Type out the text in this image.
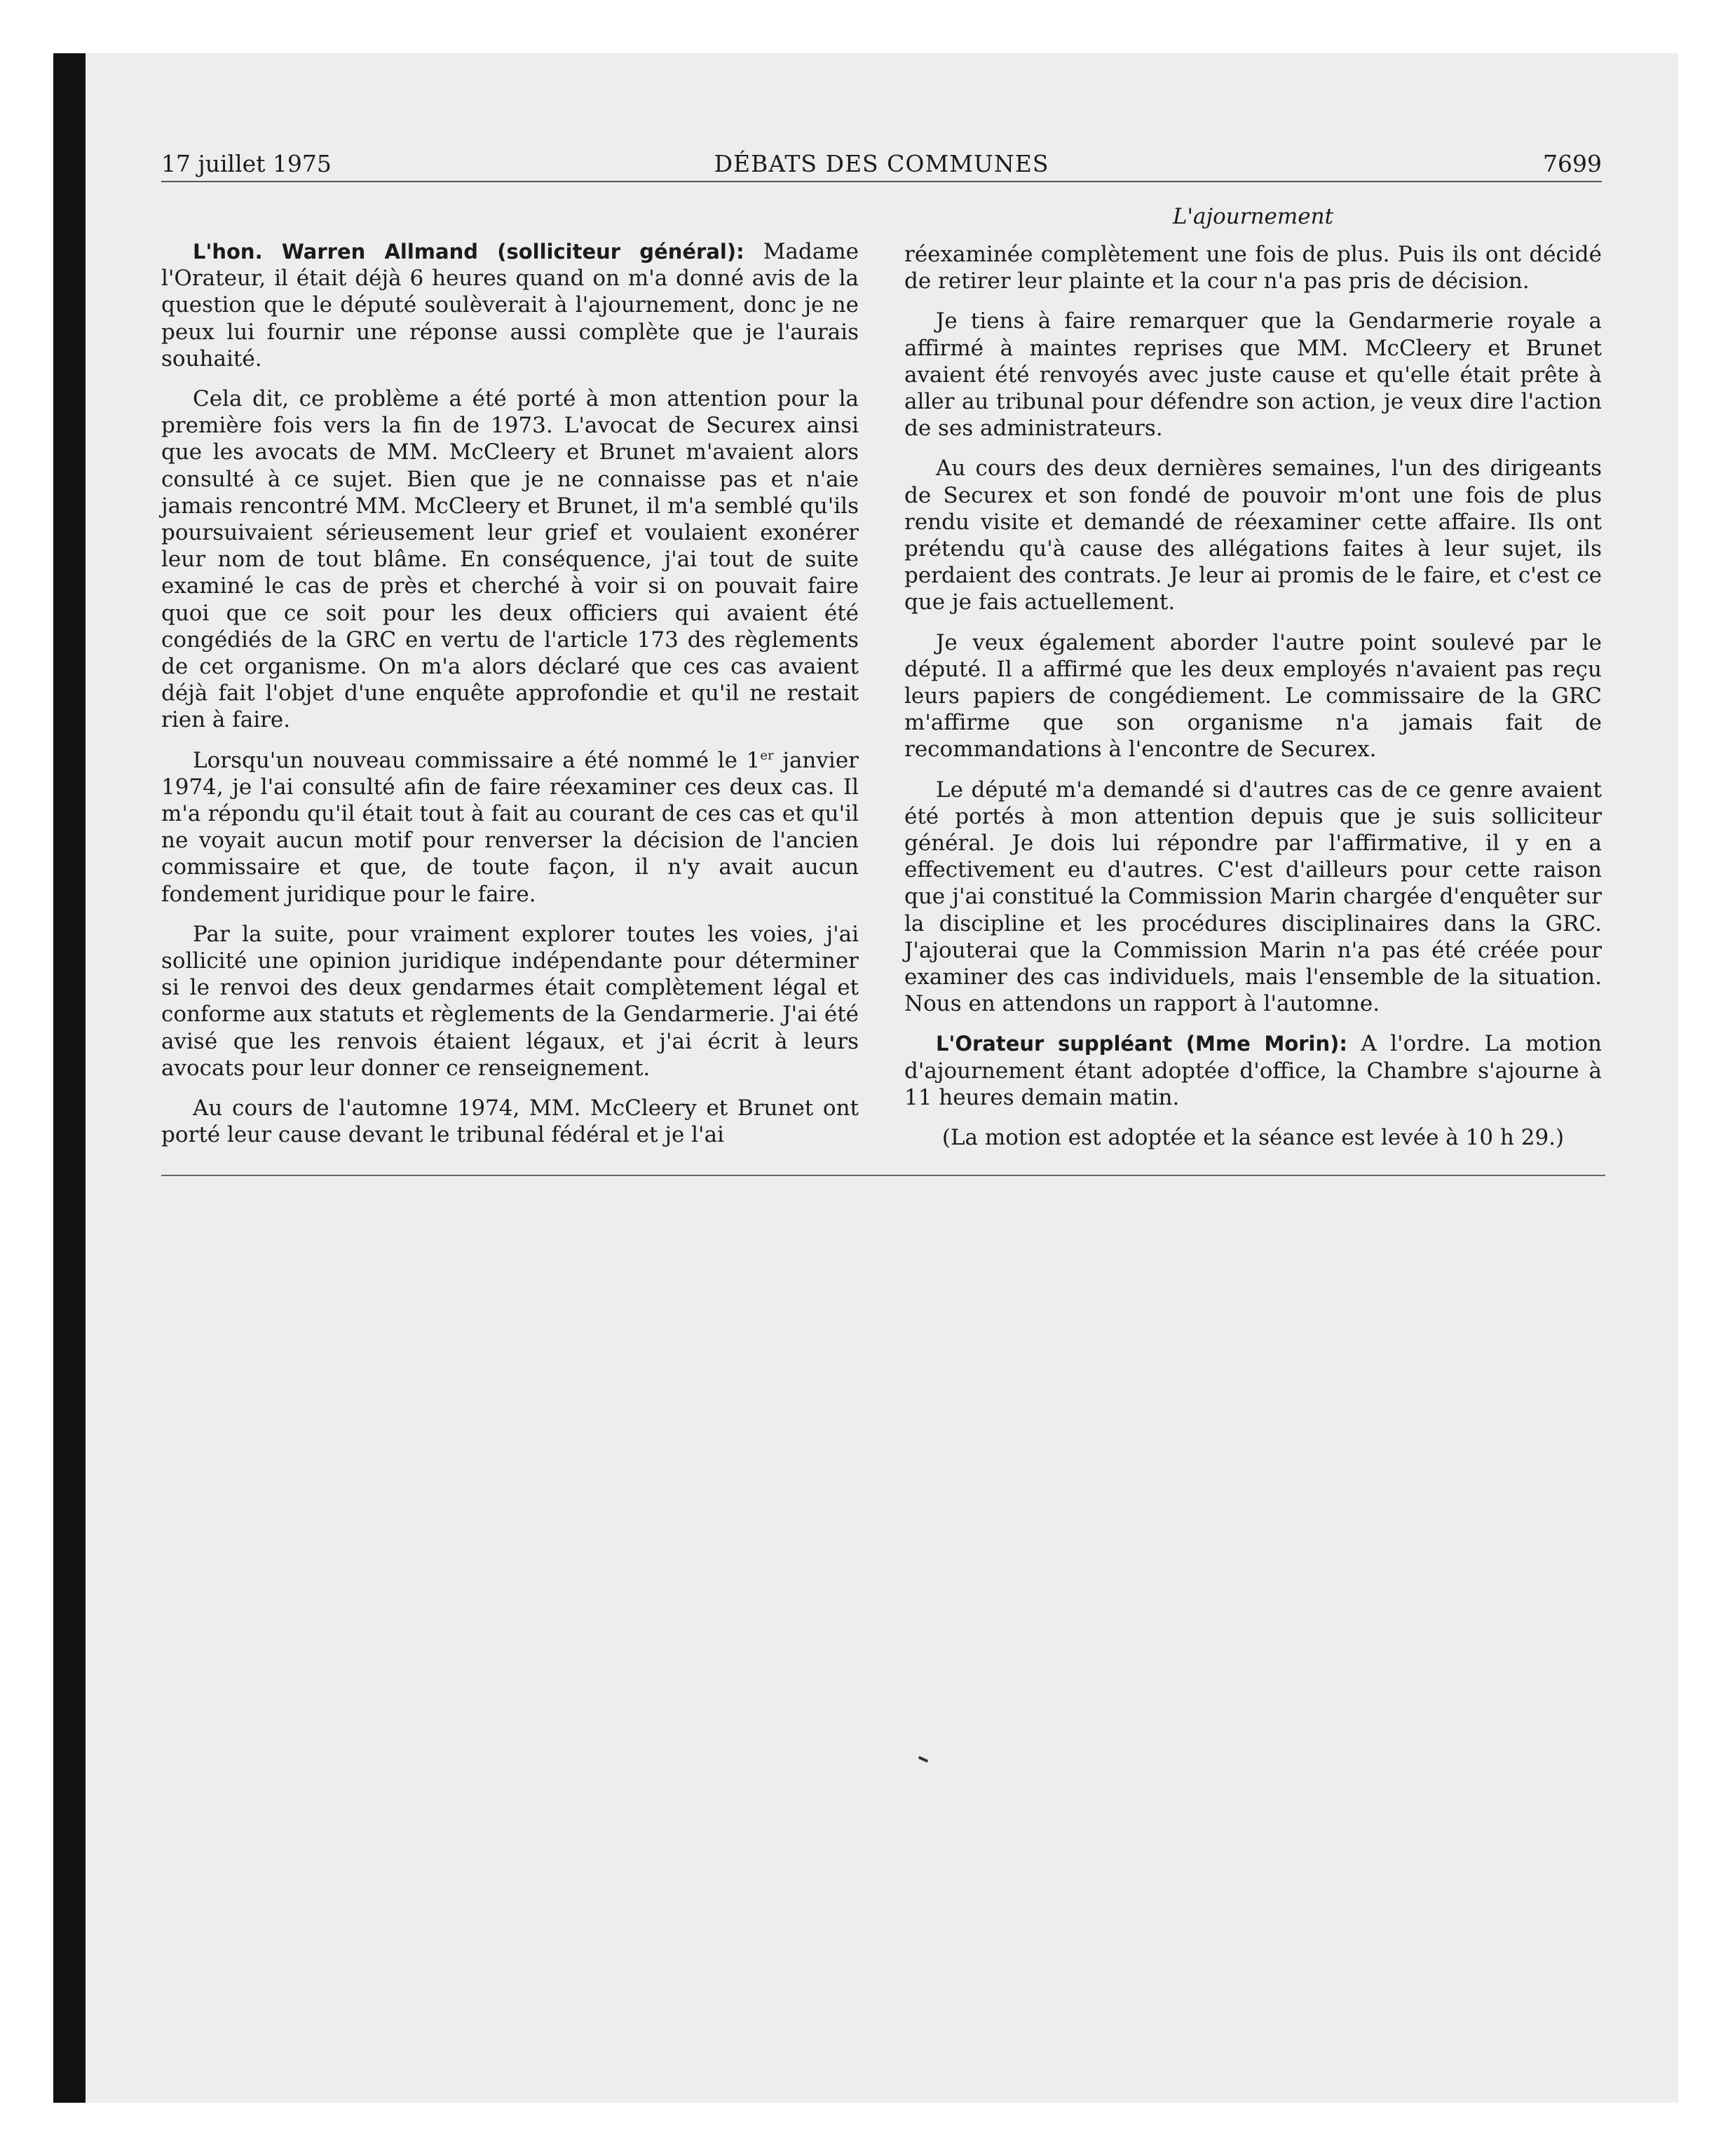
17 juillet 1975	DÉBATS DES COMMUNES	7699
L'ajournement

L'hon. Warren Allmand (solliciteur général): Madame l'Orateur, il était déjà 6 heures quand on m'a donné avis de la question que le député soulèverait à l'ajournement, donc je ne peux lui fournir une réponse aussi complète que je l'aurais souhaité.

Cela dit, ce problème a été porté à mon attention pour la première fois vers la fin de 1973. L'avocat de Securex ainsi que les avocats de MM. McCleery et Brunet m'avaient alors consulté à ce sujet. Bien que je ne connaisse pas et n'aie jamais rencontré MM. McCleery et Brunet, il m'a semblé qu'ils poursuivaient sérieusement leur grief et voulaient exonérer leur nom de tout blâme. En conséquence, j'ai tout de suite examiné le cas de près et cherché à voir si on pouvait faire quoi que ce soit pour les deux officiers qui avaient été congédiés de la GRC en vertu de l'article 173 des règlements de cet organisme. On m'a alors déclaré que ces cas avaient déjà fait l'objet d'une enquête approfondie et qu'il ne restait rien à faire.

Lorsqu'un nouveau commissaire a été nommé le 1er janvier 1974, je l'ai consulté afin de faire réexaminer ces deux cas. Il m'a répondu qu'il était tout à fait au courant de ces cas et qu'il ne voyait aucun motif pour renverser la décision de l'ancien commissaire et que, de toute façon, il n'y avait aucun fondement juridique pour le faire.

Par la suite, pour vraiment explorer toutes les voies, j'ai sollicité une opinion juridique indépendante pour déterminer si le renvoi des deux gendarmes était complètement légal et conforme aux statuts et règlements de la Gendarmerie. J'ai été avisé que les renvois étaient légaux, et j'ai écrit à leurs avocats pour leur donner ce renseignement.

Au cours de l'automne 1974, MM. McCleery et Brunet ont porté leur cause devant le tribunal fédéral et je l'ai

réexaminée complètement une fois de plus. Puis ils ont décidé de retirer leur plainte et la cour n'a pas pris de décision.

Je tiens à faire remarquer que la Gendarmerie royale a affirmé à maintes reprises que MM. McCleery et Brunet avaient été renvoyés avec juste cause et qu'elle était prête à aller au tribunal pour défendre son action, je veux dire l'action de ses administrateurs.

Au cours des deux dernières semaines, l'un des dirigeants de Securex et son fondé de pouvoir m'ont une fois de plus rendu visite et demandé de réexaminer cette affaire. Ils ont prétendu qu'à cause des allégations faites à leur sujet, ils perdaient des contrats. Je leur ai promis de le faire, et c'est ce que je fais actuellement.

Je veux également aborder l'autre point soulevé par le député. Il a affirmé que les deux employés n'avaient pas reçu leurs papiers de congédiement. Le commissaire de la GRC m'affirme que son organisme n'a jamais fait de recommandations à l'encontre de Securex.

Le député m'a demandé si d'autres cas de ce genre avaient été portés à mon attention depuis que je suis solliciteur général. Je dois lui répondre par l'affirmative, il y en a effectivement eu d'autres. C'est d'ailleurs pour cette raison que j'ai constitué la Commission Marin chargée d'enquêter sur la discipline et les procédures disciplinaires dans la GRC. J'ajouterai que la Commission Marin n'a pas été créée pour examiner des cas individuels, mais l'ensemble de la situation. Nous en attendons un rapport à l'automne.

L'Orateur suppléant (Mme Morin): A l'ordre. La motion d'ajournement étant adoptée d'office, la Chambre s'ajourne à 11 heures demain matin.

(La motion est adoptée et la séance est levée à 10 h 29.)
